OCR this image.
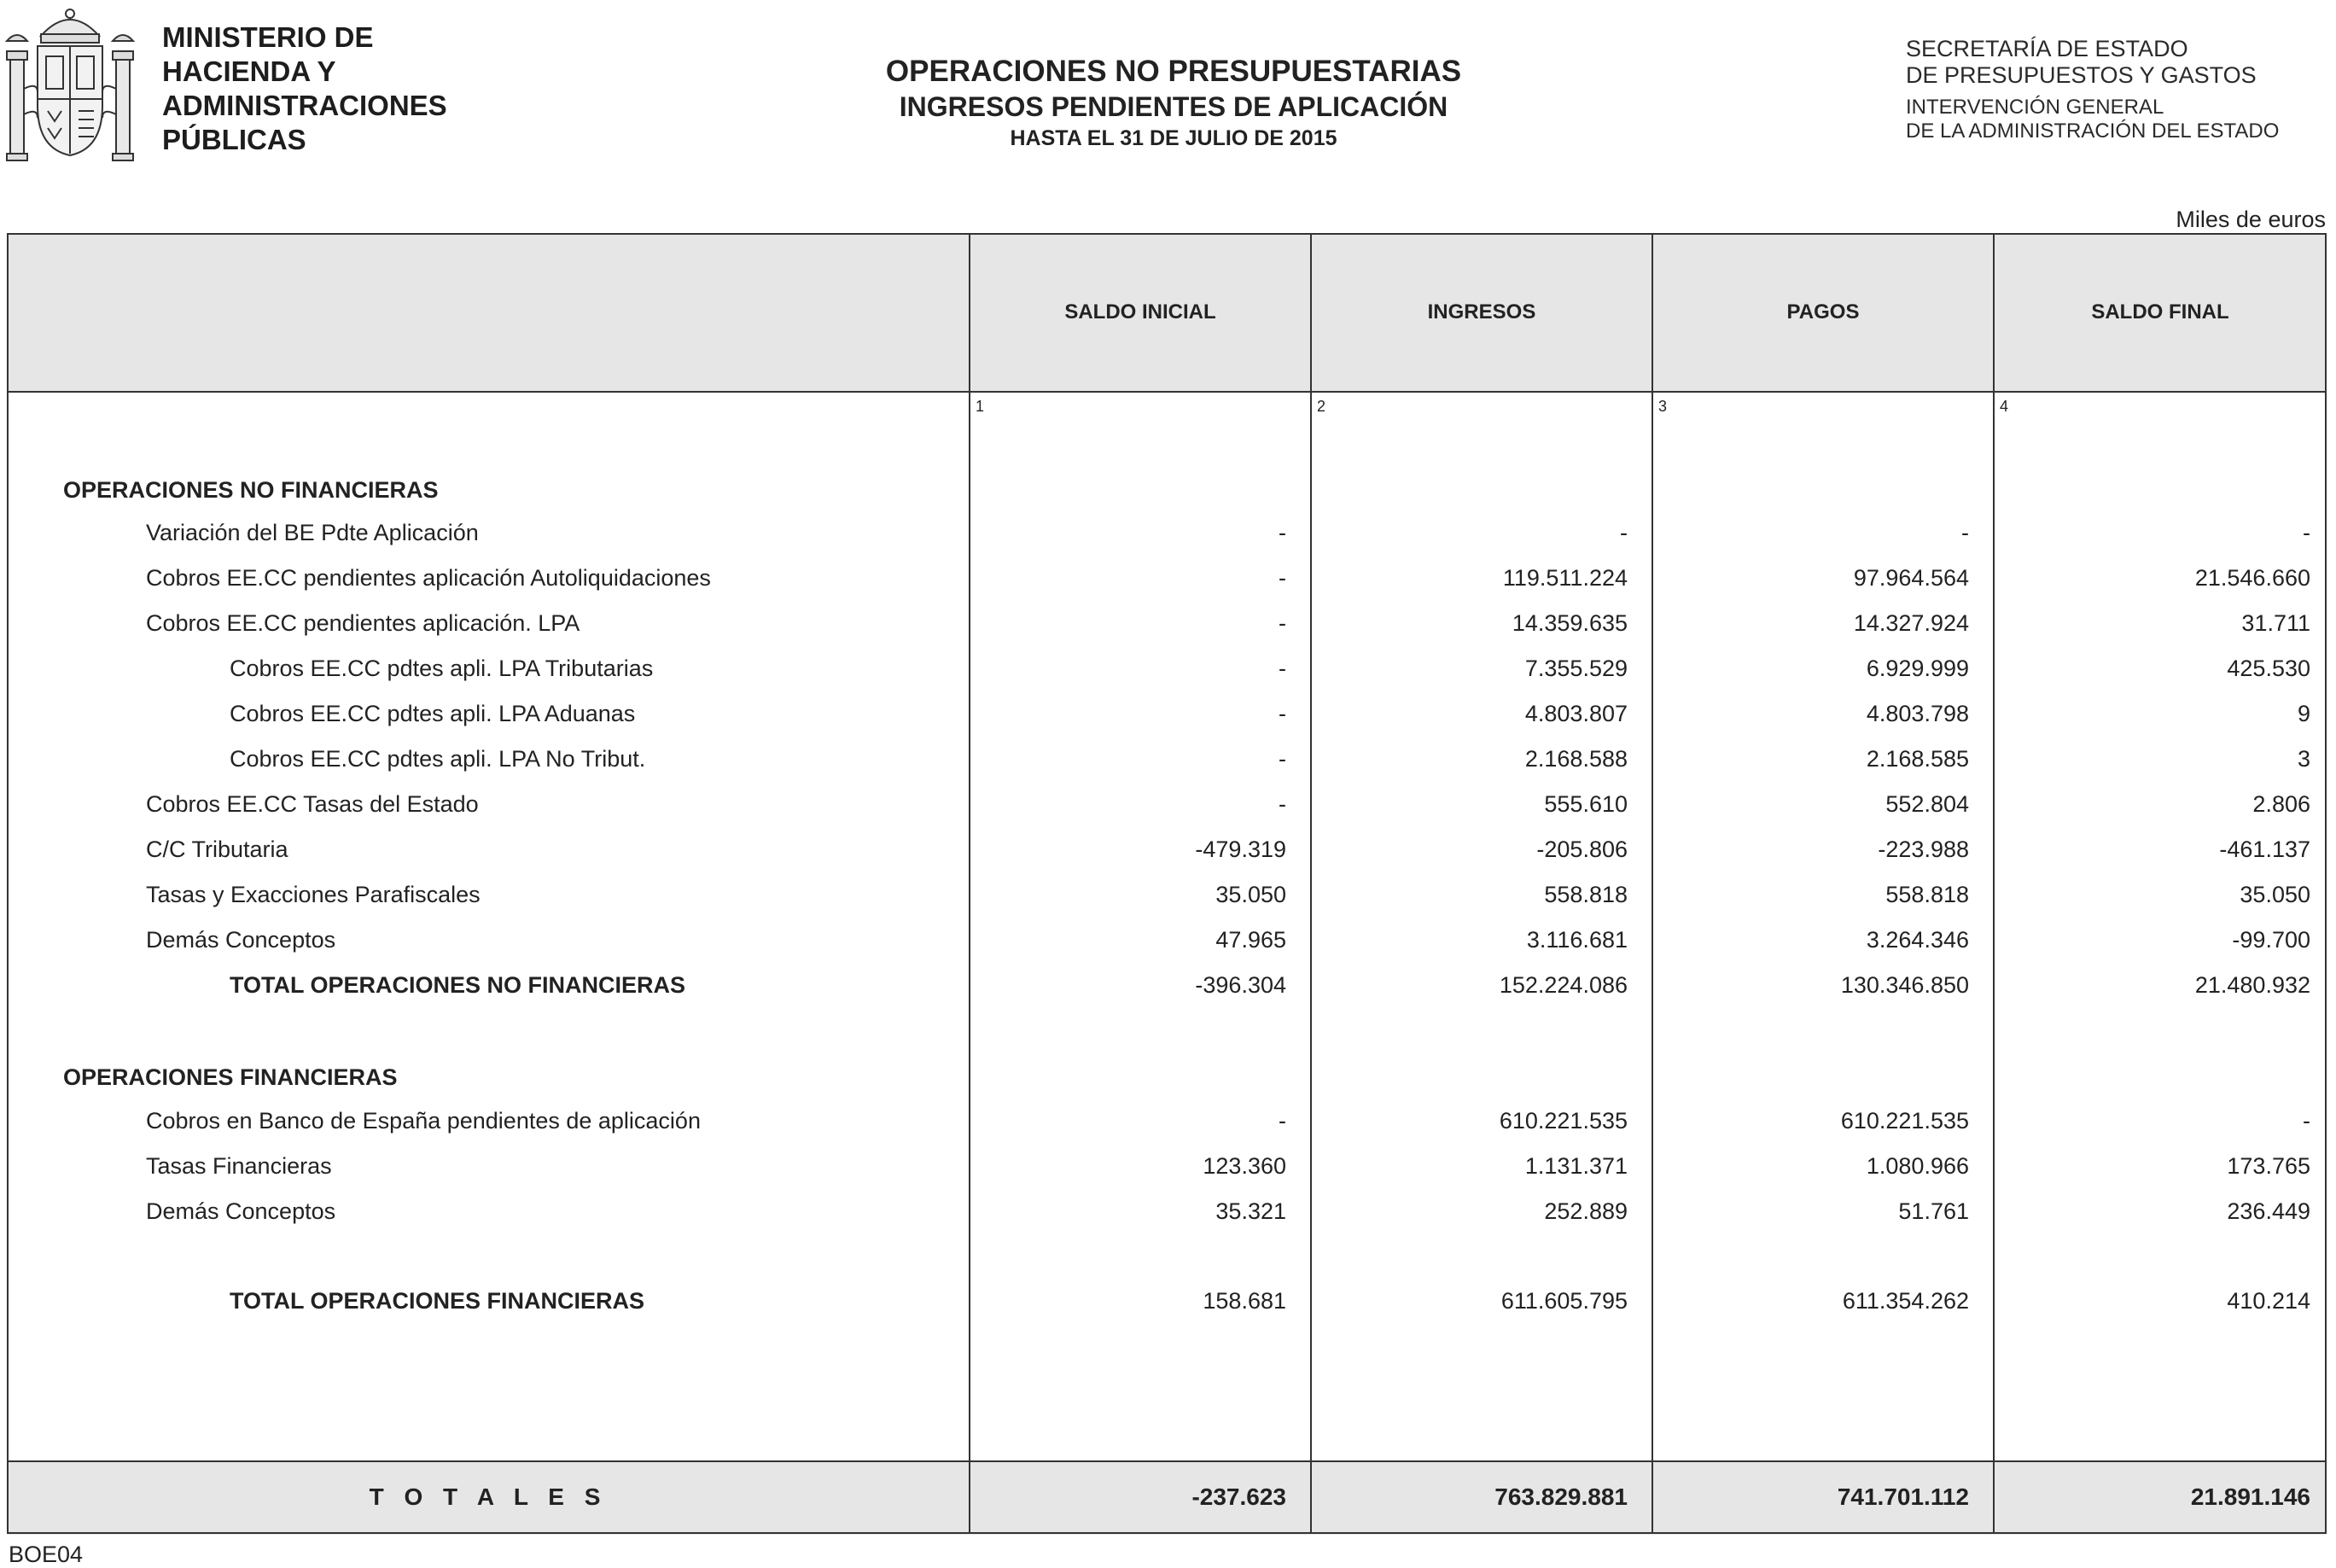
MINISTERIO DE
HACIENDA Y
ADMINISTRACIONES
PÚBLICAS
OPERACIONES NO PRESUPUESTARIAS
INGRESOS PENDIENTES DE APLICACIÓN
HASTA EL 31 DE JULIO DE 2015
SECRETARÍA DE ESTADO
DE PRESUPUESTOS Y GASTOS
INTERVENCIÓN GENERAL
DE LA ADMINISTRACIÓN DEL ESTADO
Miles de euros
SALDO INICIAL	INGRESOS	PAGOS	SALDO FINAL
1	2	3	4
OPERACIONES NO FINANCIERAS
Variación del BE Pdte Aplicación	-	-	-	-
Cobros EE.CC pendientes aplicación Autoliquidaciones	-	119.511.224	97.964.564	21.546.660
Cobros EE.CC pendientes aplicación. LPA	-	14.359.635	14.327.924	31.711
Cobros EE.CC pdtes apli. LPA Tributarias	-	7.355.529	6.929.999	425.530
Cobros EE.CC pdtes apli. LPA Aduanas	-	4.803.807	4.803.798	9
Cobros EE.CC pdtes apli. LPA No Tribut.	-	2.168.588	2.168.585	3
Cobros EE.CC Tasas del Estado	-	555.610	552.804	2.806
C/C Tributaria	-479.319	-205.806	-223.988	-461.137
Tasas y Exacciones Parafiscales	35.050	558.818	558.818	35.050
Demás Conceptos	47.965	3.116.681	3.264.346	-99.700
TOTAL OPERACIONES NO FINANCIERAS	-396.304	152.224.086	130.346.850	21.480.932
OPERACIONES FINANCIERAS
Cobros en Banco de España pendientes de aplicación	-	610.221.535	610.221.535	-
Tasas Financieras	123.360	1.131.371	1.080.966	173.765
Demás Conceptos	35.321	252.889	51.761	236.449
TOTAL OPERACIONES FINANCIERAS	158.681	611.605.795	611.354.262	410.214
T O T A L E S	-237.623	763.829.881	741.701.112	21.891.146
BOE04
